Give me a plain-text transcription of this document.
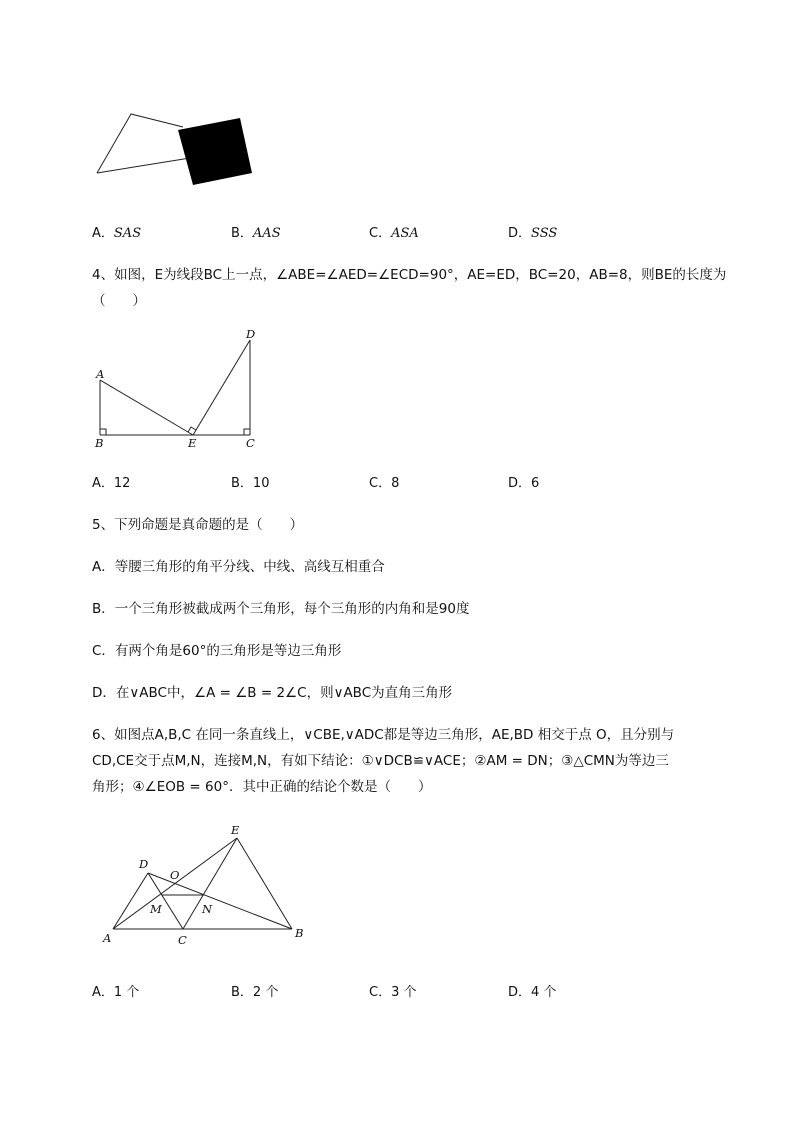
A．SAS	B．AAS	C．ASA	D．SSS
4、如图，E为线段BC上一点，∠ABE=∠AED=∠ECD=90°，AE=ED，BC=20，AB=8，则BE的长度为
（　　）
A
B	E	C
D
A．12	B．10	C．8	D．6
5、下列命题是真命题的是（　　）
A．等腰三角形的角平分线、中线、高线互相重合
B．一个三角形被截成两个三角形，每个三角形的内角和是90度
C．有两个角是60°的三角形是等边三角形
D．在∨ABC中，∠A = ∠B = 2∠C，则∨ABC为直角三角形
6、如图点A,B,C 在同一条直线上，∨CBE,∨ADC都是等边三角形，AE,BD 相交于点 O，且分别与
CD,CE交于点M,N，连接M,N，有如下结论：①∨DCB≌∨ACE；②AM = DN；③△CMN为等边三
角形；④∠EOB = 60°．其中正确的结论个数是（　　）
E
D
O
M	N
A	C	B
A．1 个	B．2 个	C．3 个	D．4 个
